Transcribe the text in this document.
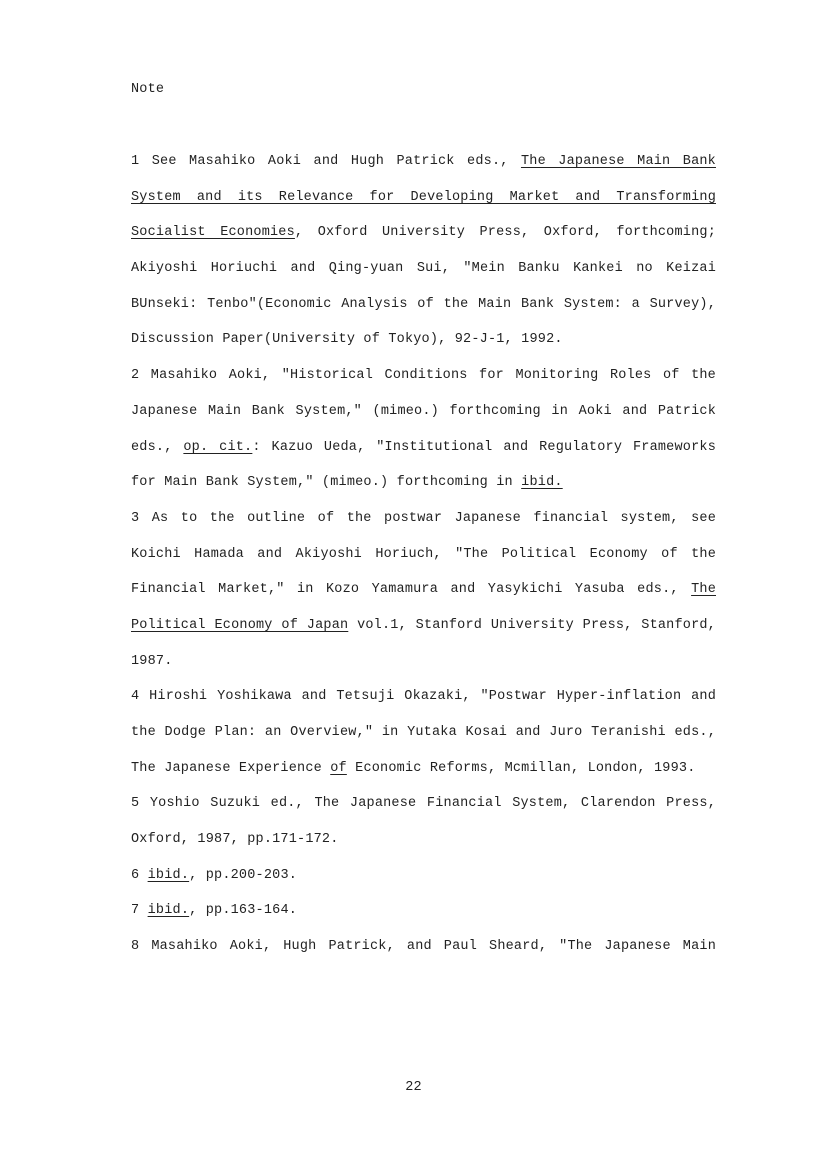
Note
1 See Masahiko Aoki and Hugh Patrick eds., The Japanese Main Bank
System and its Relevance for Developing Market and Transforming
Socialist Economies, Oxford University Press, Oxford, forthcoming;
Akiyoshi Horiuchi and Qing-yuan Sui, "Mein Banku Kankei no Keizai
BUnseki: Tenbo"(Economic Analysis of the Main Bank System: a Survey),
Discussion Paper(University of Tokyo), 92-J-1, 1992.
2 Masahiko Aoki, "Historical Conditions for Monitoring Roles of the
Japanese Main Bank System," (mimeo.) forthcoming in Aoki and Patrick
eds., op. cit.: Kazuo Ueda, "Institutional and Regulatory Frameworks
for Main Bank System," (mimeo.) forthcoming in ibid.
3 As to the outline of the postwar Japanese financial system, see
Koichi Hamada and Akiyoshi Horiuch, "The Political Economy of the
Financial Market," in Kozo Yamamura and Yasykichi Yasuba eds., The
Political Economy of Japan vol.1, Stanford University Press, Stanford,
1987.
4 Hiroshi Yoshikawa and Tetsuji Okazaki, "Postwar Hyper-inflation and
the Dodge Plan: an Overview," in Yutaka Kosai and Juro Teranishi eds.,
The Japanese Experience of Economic Reforms, Mcmillan, London, 1993.
5 Yoshio Suzuki ed., The Japanese Financial System, Clarendon Press,
Oxford, 1987, pp.171-172.
6 ibid., pp.200-203.
7 ibid., pp.163-164.
8 Masahiko Aoki, Hugh Patrick, and Paul Sheard, "The Japanese Main
22
